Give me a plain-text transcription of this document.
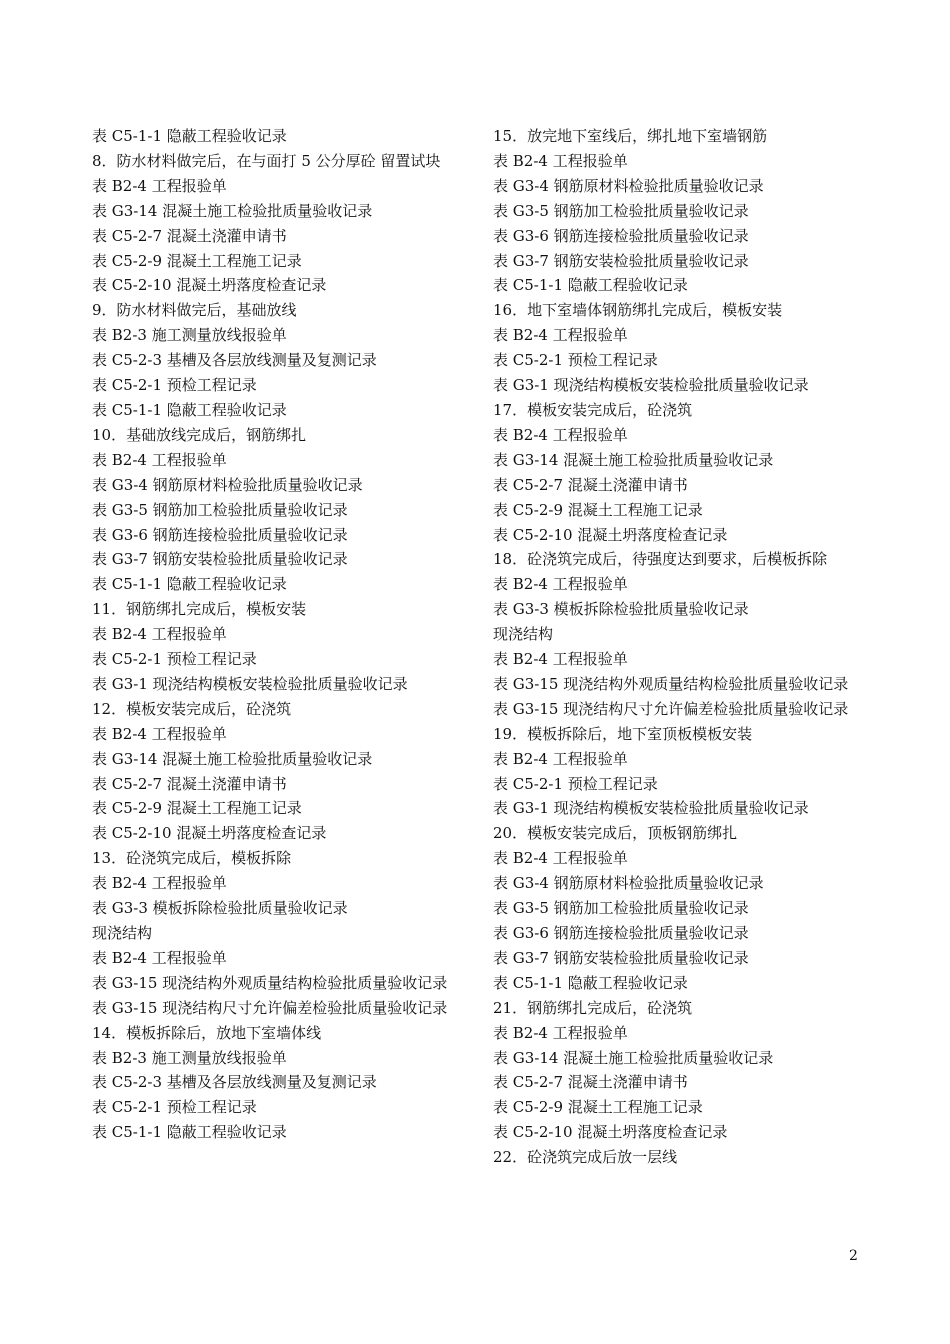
表 C5-1-1 隐蔽工程验收记录
8．防水材料做完后，在与面打 5 公分厚砼 留置试块
表 B2-4 工程报验单
表 G3-14 混凝土施工检验批质量验收记录
表 C5-2-7 混凝土浇灌申请书
表 C5-2-9 混凝土工程施工记录
表 C5-2-10 混凝土坍落度检查记录
9．防水材料做完后，基础放线
表 B2-3 施工测量放线报验单
表 C5-2-3 基槽及各层放线测量及复测记录
表 C5-2-1 预检工程记录
表 C5-1-1 隐蔽工程验收记录
10．基础放线完成后，钢筋绑扎
表 B2-4 工程报验单
表 G3-4 钢筋原材料检验批质量验收记录
表 G3-5 钢筋加工检验批质量验收记录
表 G3-6 钢筋连接检验批质量验收记录
表 G3-7 钢筋安装检验批质量验收记录
表 C5-1-1 隐蔽工程验收记录
11．钢筋绑扎完成后，模板安装
表 B2-4 工程报验单
表 C5-2-1 预检工程记录
表 G3-1 现浇结构模板安装检验批质量验收记录
12．模板安装完成后，砼浇筑
表 B2-4 工程报验单
表 G3-14 混凝土施工检验批质量验收记录
表 C5-2-7 混凝土浇灌申请书
表 C5-2-9 混凝土工程施工记录
表 C5-2-10 混凝土坍落度检查记录
13．砼浇筑完成后，模板拆除
表 B2-4 工程报验单
表 G3-3 模板拆除检验批质量验收记录
现浇结构
表 B2-4 工程报验单
表 G3-15 现浇结构外观质量结构检验批质量验收记录
表 G3-15 现浇结构尺寸允许偏差检验批质量验收记录
14．模板拆除后，放地下室墙体线
表 B2-3 施工测量放线报验单
表 C5-2-3 基槽及各层放线测量及复测记录
表 C5-2-1 预检工程记录
表 C5-1-1 隐蔽工程验收记录
15．放完地下室线后，绑扎地下室墙钢筋
表 B2-4 工程报验单
表 G3-4 钢筋原材料检验批质量验收记录
表 G3-5 钢筋加工检验批质量验收记录
表 G3-6 钢筋连接检验批质量验收记录
表 G3-7 钢筋安装检验批质量验收记录
表 C5-1-1 隐蔽工程验收记录
16．地下室墙体钢筋绑扎完成后，模板安装
表 B2-4 工程报验单
表 C5-2-1 预检工程记录
表 G3-1 现浇结构模板安装检验批质量验收记录
17．模板安装完成后，砼浇筑
表 B2-4 工程报验单
表 G3-14 混凝土施工检验批质量验收记录
表 C5-2-7 混凝土浇灌申请书
表 C5-2-9 混凝土工程施工记录
表 C5-2-10 混凝土坍落度检查记录
18．砼浇筑完成后，待强度达到要求，后模板拆除
表 B2-4 工程报验单
表 G3-3 模板拆除检验批质量验收记录
现浇结构
表 B2-4 工程报验单
表 G3-15 现浇结构外观质量结构检验批质量验收记录
表 G3-15 现浇结构尺寸允许偏差检验批质量验收记录
19．模板拆除后，地下室顶板模板安装
表 B2-4 工程报验单
表 C5-2-1 预检工程记录
表 G3-1 现浇结构模板安装检验批质量验收记录
20．模板安装完成后，顶板钢筋绑扎
表 B2-4 工程报验单
表 G3-4 钢筋原材料检验批质量验收记录
表 G3-5 钢筋加工检验批质量验收记录
表 G3-6 钢筋连接检验批质量验收记录
表 G3-7 钢筋安装检验批质量验收记录
表 C5-1-1 隐蔽工程验收记录
21．钢筋绑扎完成后，砼浇筑
表 B2-4 工程报验单
表 G3-14 混凝土施工检验批质量验收记录
表 C5-2-7 混凝土浇灌申请书
表 C5-2-9 混凝土工程施工记录
表 C5-2-10 混凝土坍落度检查记录
22．砼浇筑完成后放一层线
2
